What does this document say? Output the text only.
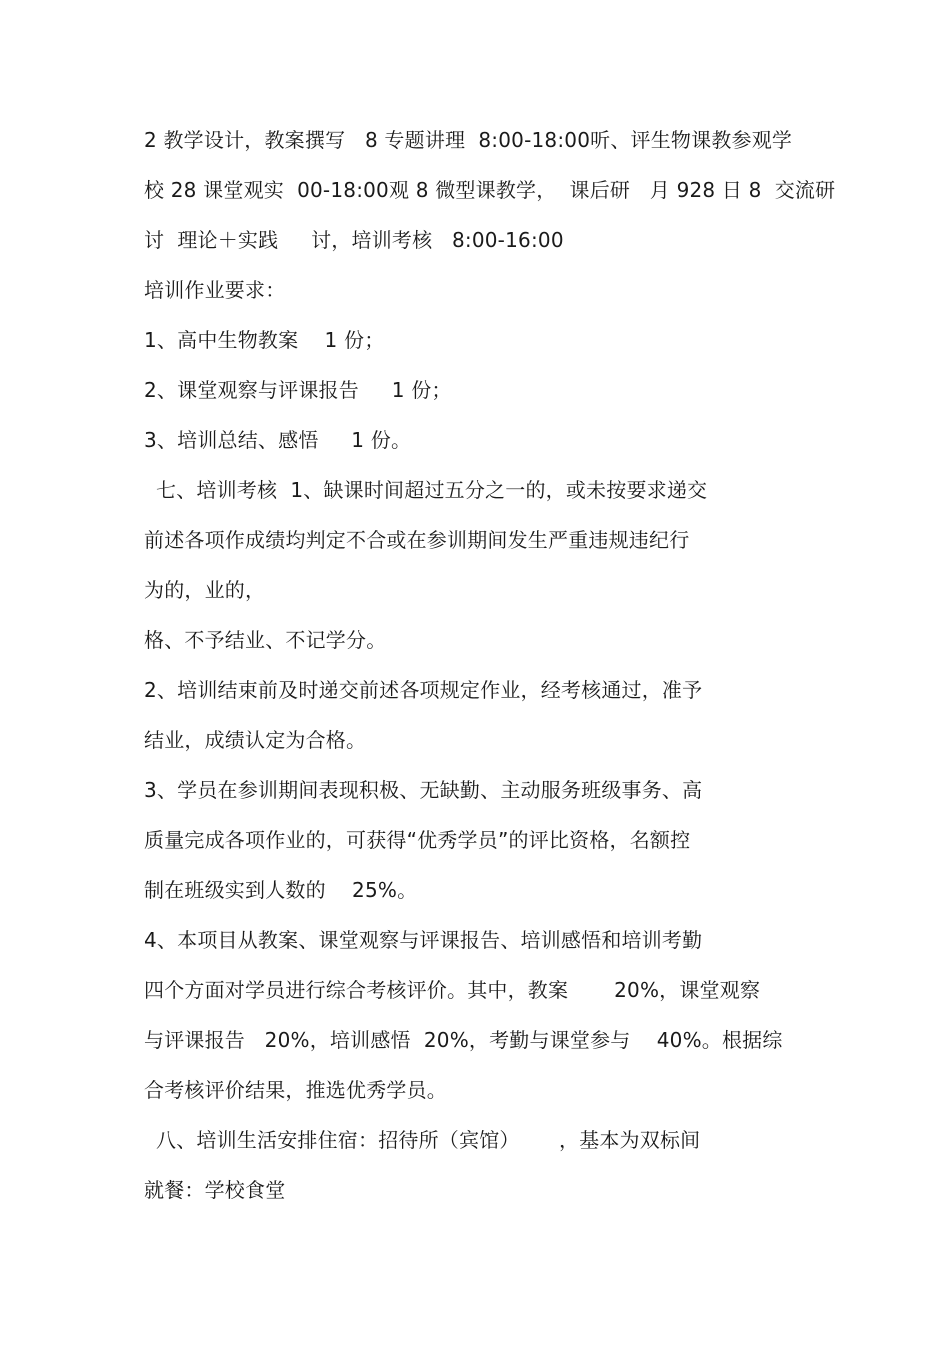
2 教学设计，教案撰写   8 专题讲理  8:00-18:00听、评生物课教参观学
校 28 课堂观实  00-18:00观 8 微型课教学，  课后研   月 928 日 8  交流研
讨  理论＋实践     讨，培训考核   8:00-16:00
培训作业要求：
1、高中生物教案    1 份；
2、课堂观察与评课报告     1 份；
3、培训总结、感悟     1 份。
七、培训考核  1、缺课时间超过五分之一的，或未按要求递交
前述各项作成绩均判定不合或在参训期间发生严重违规违纪行
为的，业的，
格、不予结业、不记学分。
2、培训结束前及时递交前述各项规定作业，经考核通过，准予
结业，成绩认定为合格。
3、学员在参训期间表现积极、无缺勤、主动服务班级事务、高
质量完成各项作业的，可获得“优秀学员”的评比资格，名额控
制在班级实到人数的    25%。
4、本项目从教案、课堂观察与评课报告、培训感悟和培训考勤
四个方面对学员进行综合考核评价。其中，教案       20%，课堂观察
与评课报告   20%，培训感悟  20%，考勤与课堂参与    40%。根据综
合考核评价结果，推选优秀学员。
八、培训生活安排住宿：招待所（宾馆）      ，基本为双标间
就餐：学校食堂
